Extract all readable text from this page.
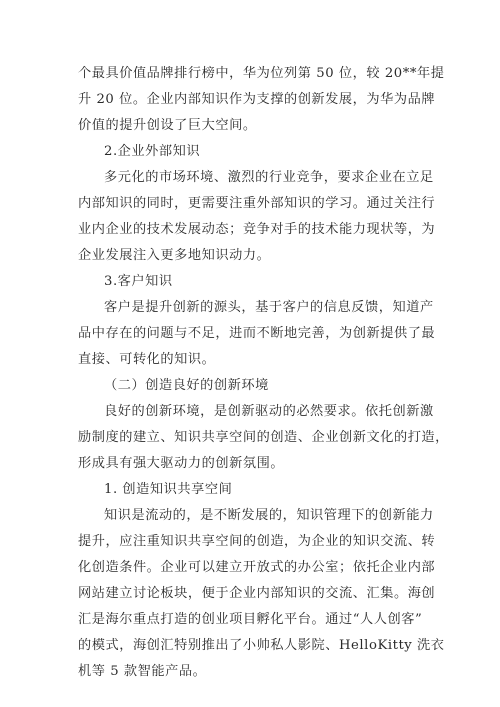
个最具价值品牌排行榜中，华为位列第 50 位，较 20**年提
升 20 位。企业内部知识作为支撑的创新发展，为华为品牌
价值的提升创设了巨大空间。
2.企业外部知识
多元化的市场环境、激烈的行业竞争，要求企业在立足
内部知识的同时，更需要注重外部知识的学习。通过关注行
业内企业的技术发展动态；竞争对手的技术能力现状等，为
企业发展注入更多地知识动力。
3.客户知识
客户是提升创新的源头，基于客户的信息反馈，知道产
品中存在的问题与不足，进而不断地完善，为创新提供了最
直接、可转化的知识。
（二）创造良好的创新环境
良好的创新环境，是创新驱动的必然要求。依托创新激
励制度的建立、知识共享空间的创造、企业创新文化的打造，
形成具有强大驱动力的创新氛围。
1. 创造知识共享空间
知识是流动的，是不断发展的，知识管理下的创新能力
提升，应注重知识共享空间的创造，为企业的知识交流、转
化创造条件。企业可以建立开放式的办公室；依托企业内部
网站建立讨论板块，便于企业内部知识的交流、汇集。海创
汇是海尔重点打造的创业项目孵化平台。通过“人人创客”
的模式，海创汇特别推出了小帅私人影院、HelloKitty 洗衣
机等 5 款智能产品。
